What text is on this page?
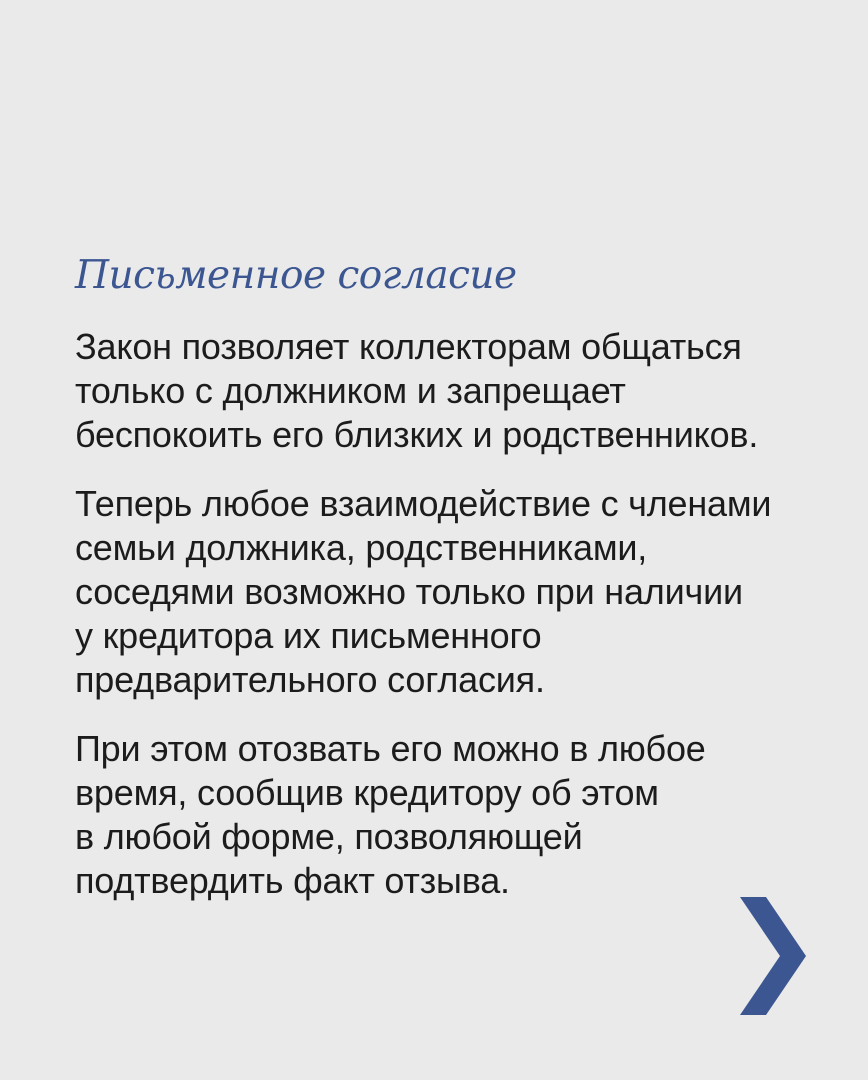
Письменное согласие

Закон позволяет коллекторам общаться
только с должником и запрещает
беспокоить его близких и родственников.

Теперь любое взаимодействие с членами
семьи должника, родственниками,
соседями возможно только при наличии
у кредитора их письменного
предварительного согласия.

При этом отозвать его можно в любое
время, сообщив кредитору об этом
в любой форме, позволяющей
подтвердить факт отзыва.
